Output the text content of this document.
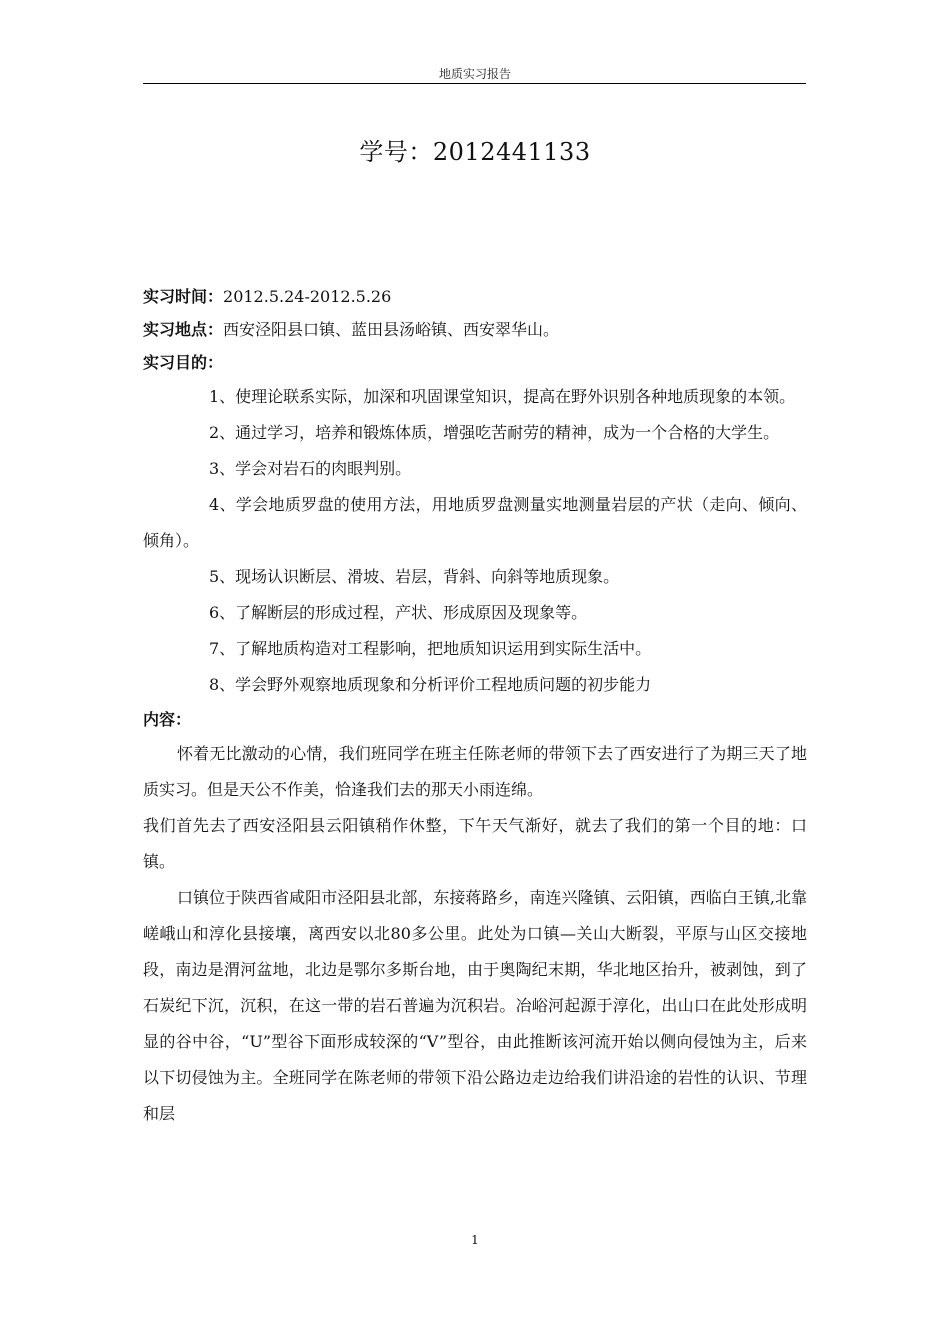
地质实习报告
学号：2012441133
实习时间：2012.5.24-2012.5.26
实习地点：西安泾阳县口镇、蓝田县汤峪镇、西安翠华山。
实习目的：

1、使理论联系实际，加深和巩固课堂知识，提高在野外识别各种地质现象的本领。

2、通过学习，培养和锻炼体质，增强吃苦耐劳的精神，成为一个合格的大学生。

3、学会对岩石的肉眼判别。

4、学会地质罗盘的使用方法，用地质罗盘测量实地测量岩层的产状（走向、倾向、倾角）。

5、现场认识断层、滑坡、岩层，背斜、向斜等地质现象。

6、了解断层的形成过程，产状、形成原因及现象等。

7、了解地质构造对工程影响，把地质知识运用到实际生活中。

8、学会野外观察地质现象和分析评价工程地质问题的初步能力

内容：

怀着无比激动的心情，我们班同学在班主任陈老师的带领下去了西安进行了为期三天了地质实习。但是天公不作美，恰逢我们去的那天小雨连绵。

我们首先去了西安泾阳县云阳镇稍作休整，下午天气渐好，就去了我们的第一个目的地：口镇。

口镇位于陕西省咸阳市泾阳县北部，东接蒋路乡，南连兴隆镇、云阳镇，西临白王镇,北靠嵯峨山和淳化县接壤，离西安以北80多公里。此处为口镇—关山大断裂，平原与山区交接地段，南边是渭河盆地，北边是鄂尔多斯台地，由于奥陶纪末期，华北地区抬升，被剥蚀，到了石炭纪下沉，沉积，在这一带的岩石普遍为沉积岩。冶峪河起源于淳化，出山口在此处形成明显的谷中谷，“U”型谷下面形成较深的“V”型谷，由此推断该河流开始以侧向侵蚀为主，后来以下切侵蚀为主。全班同学在陈老师的带领下沿公路边走边给我们讲沿途的岩性的认识、节理和层

1
